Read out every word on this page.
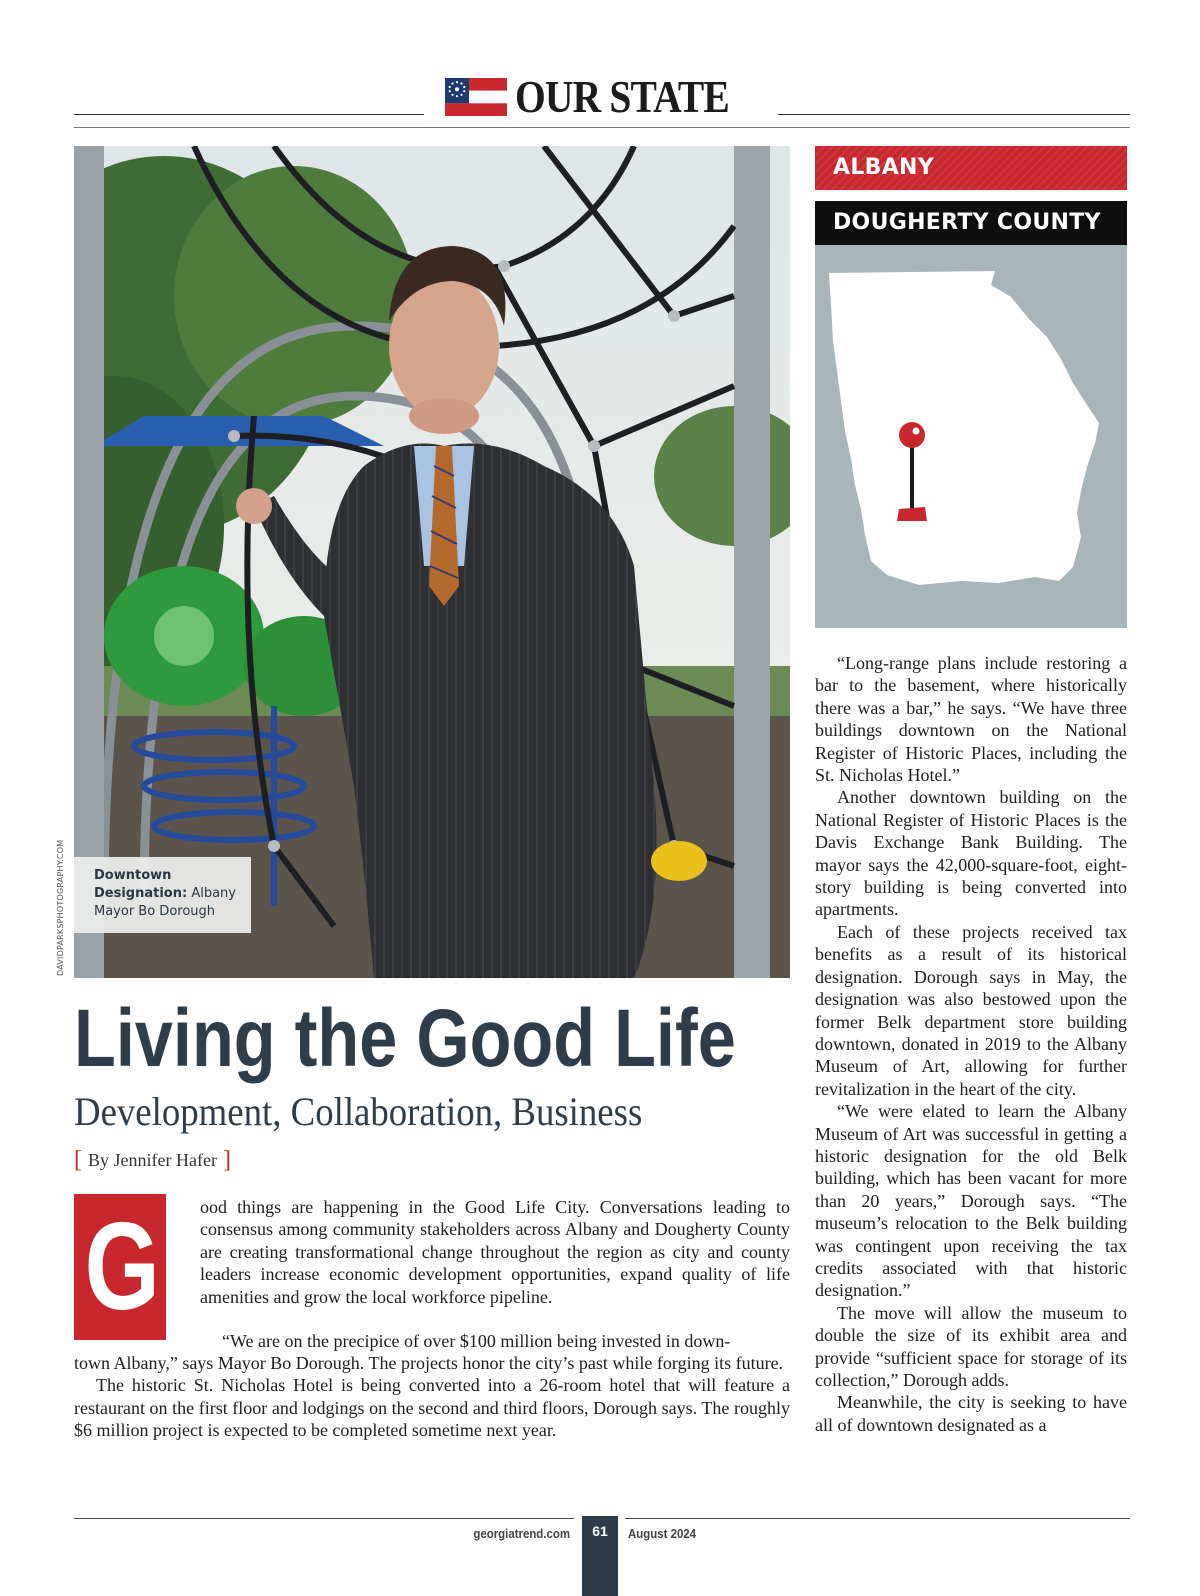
OUR STATE
DAVIDPARKSPHOTOGRAPHY.COM	Downtown Designation: Albany Mayor Bo Dorough
Living the Good Life
Development, Collaboration, Business
[ By Jennifer Hafer ]
G	ood things are happening in the Good Life City. Conversations leading to consensus among community stakeholders across Albany and Dougherty County are creating transformational change throughout the region as city and county leaders increase economic development opportunities, expand quality of life amenities and grow the local workforce pipeline.

“We are on the precipice of over $100 million being invested in down-

town Albany,” says Mayor Bo Dorough. The projects honor the city’s past while forging its future.

The historic St. Nicholas Hotel is being converted into a 26-room hotel that will feature a restaurant on the first floor and lodgings on the second and third floors, Dorough says. The roughly $6 million project is expected to be completed sometime next year.

ALBANY
DOUGHERTY COUNTY

“Long-range plans include restoring a bar to the basement, where historically there was a bar,” he says. “We have three buildings downtown on the National Register of Historic Places, including the St. Nicholas Hotel.”

Another downtown building on the National Register of Historic Places is the Davis Exchange Bank Building. The mayor says the 42,000-square-foot, eight-story building is being converted into apartments.

Each of these projects received tax benefits as a result of its historical designation. Dorough says in May, the designation was also bestowed upon the former Belk department store building downtown, donated in 2019 to the Albany Museum of Art, allowing for further revitalization in the heart of the city.

“We were elated to learn the Albany Museum of Art was successful in getting a historic designation for the old Belk building, which has been vacant for more than 20 years,” Dorough says. “The museum’s relocation to the Belk building was contingent upon receiving the tax credits associated with that historic designation.”

The move will allow the museum to double the size of its exhibit area and provide “sufficient space for storage of its collection,” Dorough adds.

Meanwhile, the city is seeking to have all of downtown designated as a

georgiatrend.com	61	August 2024
